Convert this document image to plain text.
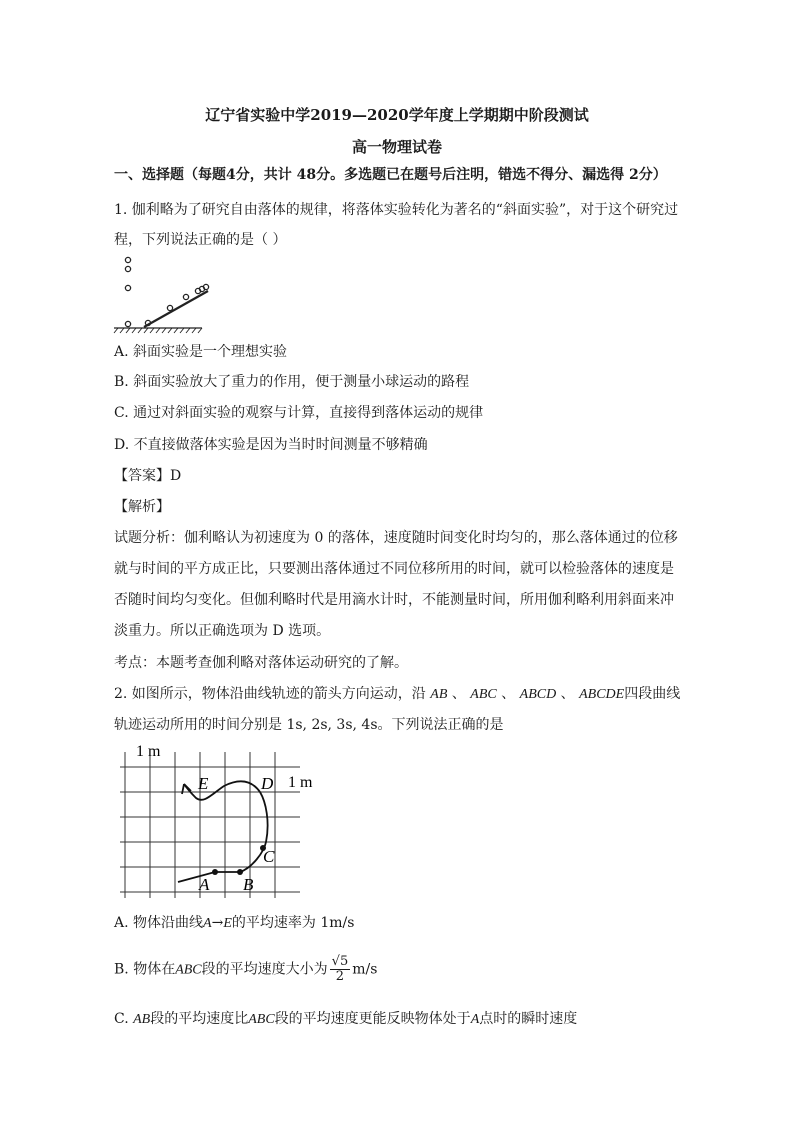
辽宁省实验中学2019—2020学年度上学期期中阶段测试
高一物理试卷
一、选择题（每题4分，共计 48分。多选题已在题号后注明，错选不得分、漏选得 2分）
1. 伽利略为了研究自由落体的规律，将落体实验转化为著名的“斜面实验”，对于这个研究过
程，下列说法正确的是（ ）
A. 斜面实验是一个理想实验
B. 斜面实验放大了重力的作用，便于测量小球运动的路程
C. 通过对斜面实验的观察与计算，直接得到落体运动的规律
D. 不直接做落体实验是因为当时时间测量不够精确
【答案】D
【解析】
试题分析：伽利略认为初速度为 0 的落体，速度随时间变化时均匀的，那么落体通过的位移
就与时间的平方成正比，只要测出落体通过不同位移所用的时间，就可以检验落体的速度是
否随时间均匀变化。但伽利略时代是用滴水计时，不能测量时间，所用伽利略利用斜面来冲
淡重力。所以正确选项为 D 选项。
考点：本题考查伽利略对落体运动研究的了解。
2. 如图所示，物体沿曲线轨迹的箭头方向运动，沿 AB 、 ABC 、 ABCD 、 ABCDE四段曲线
轨迹运动所用的时间分别是 1s, 2s, 3s, 4s。下列说法正确的是
1 m
1 m
A B
C
D
E
A. 物体沿曲线A→E的平均速率为 1m/s
B. 物体在ABC段的平均速度大小为 $\frac{√5}{2} m/s$
C. AB段的平均速度比ABC段的平均速度更能反映物体处于A点时的瞬时速度
